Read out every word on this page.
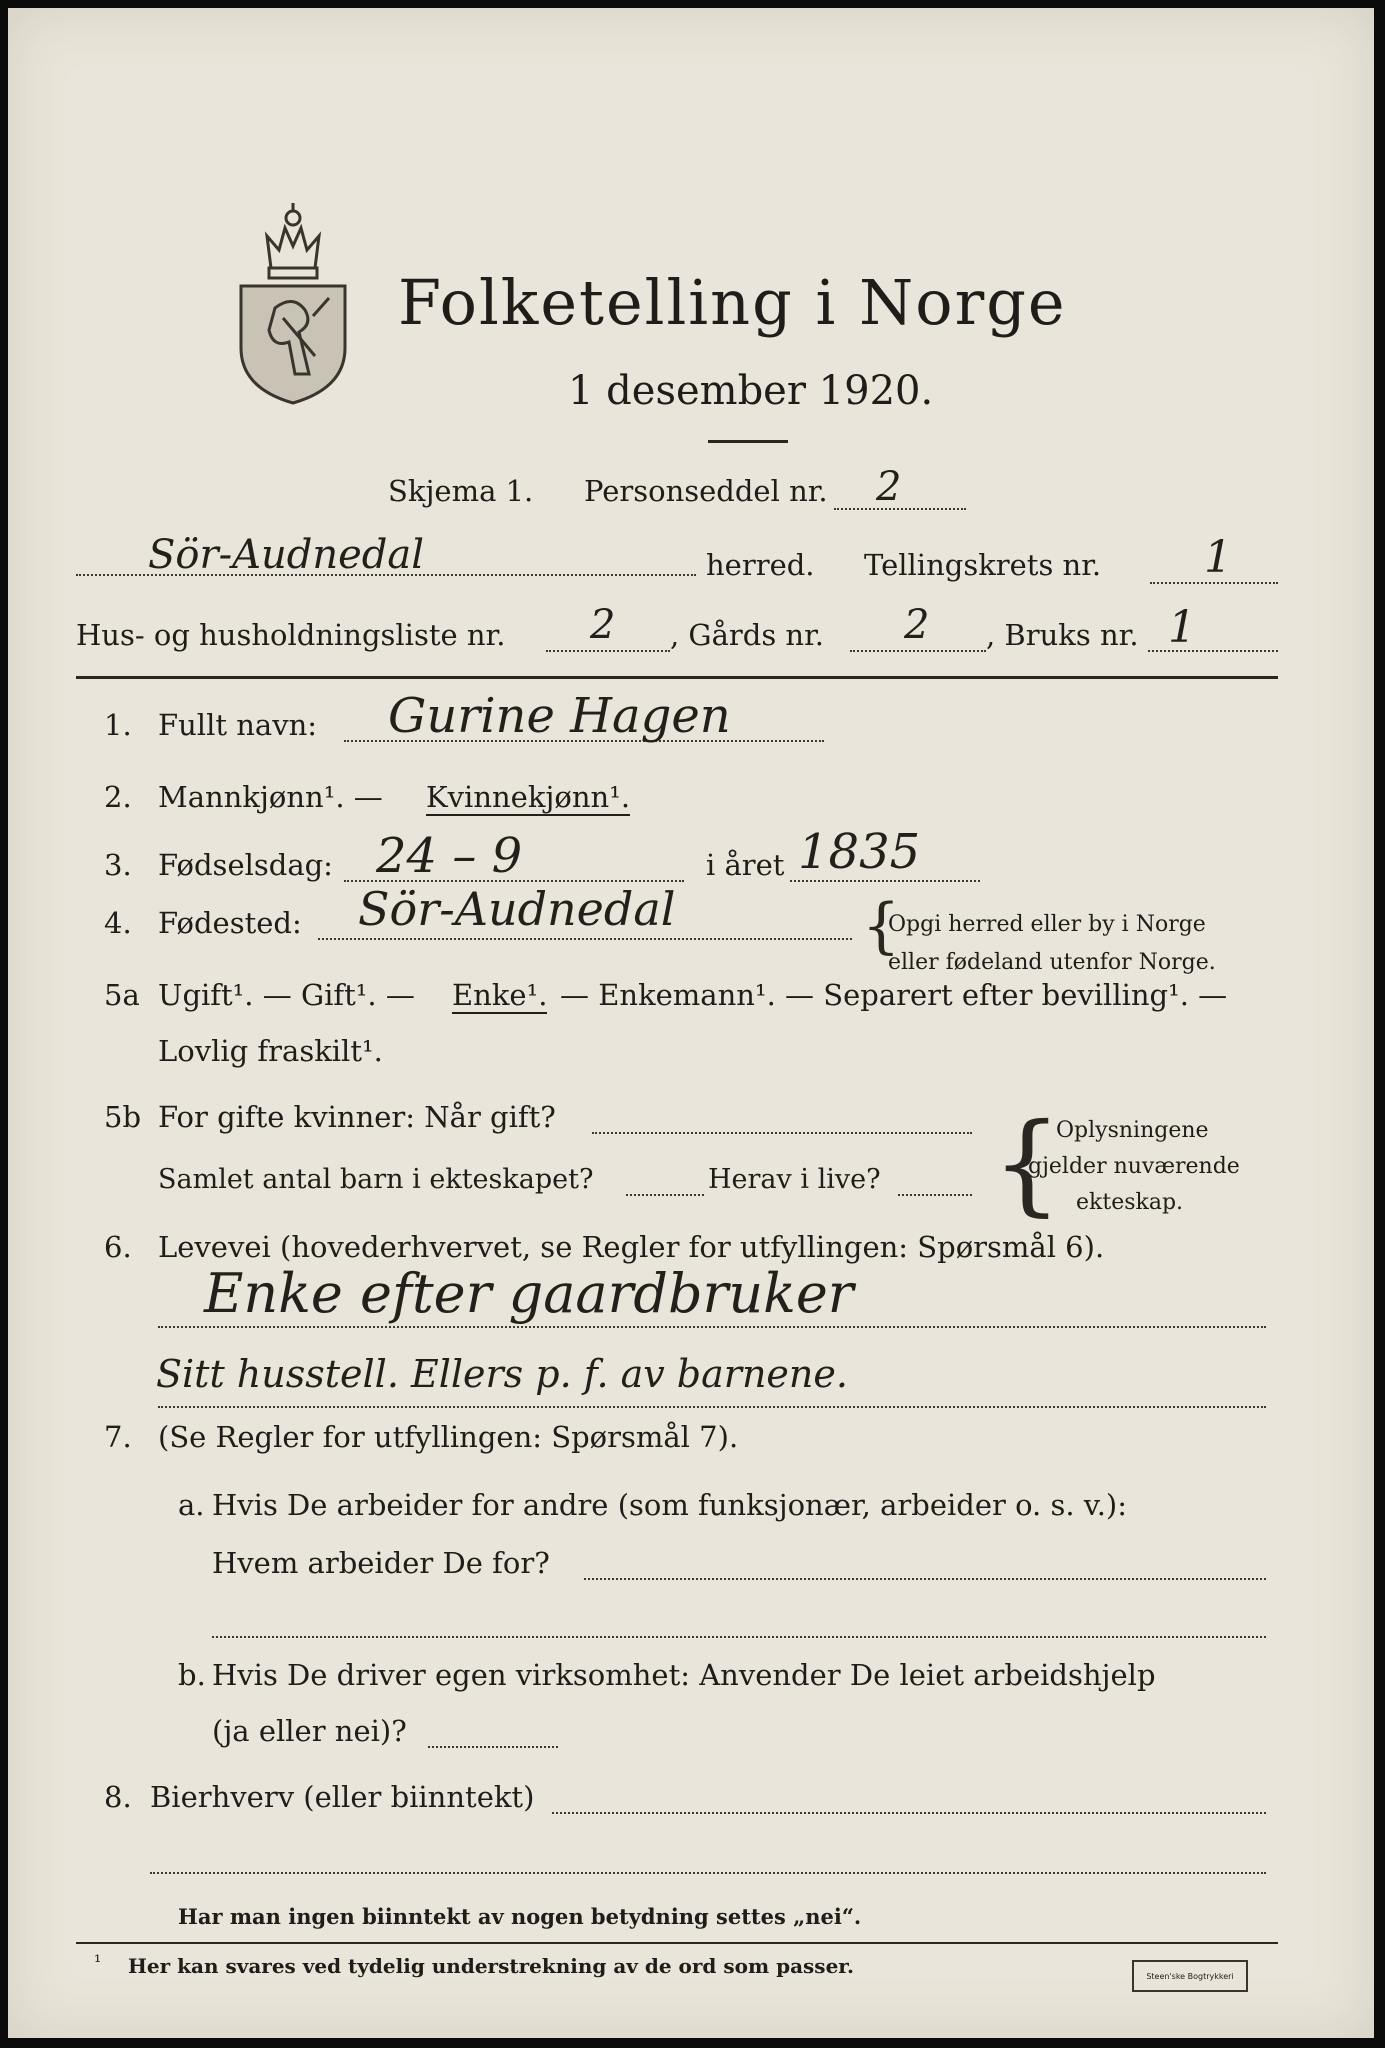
Folketelling i Norge
1 desember 1920.
Skjema 1. Personseddel nr. 2
Sör-Audnedal	herred. Tellingskrets nr. 1
Hus- og husholdningsliste nr. 2 , Gårds nr. 2 , Bruks nr. 1
1. Fullt navn: Gurine Hagen
2. Mannkjønn¹. — Kvinnekjønn¹.
3. Fødselsdag: 24 – 9	i året 1835
4. Fødested: Sör-Audnedal	{
Opgi herred eller by i Norge
eller fødeland utenfor Norge.
5a Ugift¹. — Gift¹. — Enke¹. — Enkemann¹. — Separert efter bevilling¹. —
Lovlig fraskilt¹.
5b For gifte kvinner: Når gift?
Samlet antal barn i ekteskapet?	Herav i live? {
Oplysningene
gjelder nuværende
ekteskap.
6. Levevei (hovederhvervet, se Regler for utfyllingen: Spørsmål 6).
Enke efter gaardbruker
Sitt husstell. Ellers p. f. av barnene.
7. (Se Regler for utfyllingen: Spørsmål 7).
a. Hvis De arbeider for andre (som funksjonær, arbeider o. s. v.):
Hvem arbeider De for?
b. Hvis De driver egen virksomhet: Anvender De leiet arbeidshjelp
(ja eller nei)?
8. Bierhverv (eller biinntekt)
Har man ingen biinntekt av nogen betydning settes „nei“.
¹ Her kan svares ved tydelig understrekning av de ord som passer.	Steen'ske Bogtrykkeri
